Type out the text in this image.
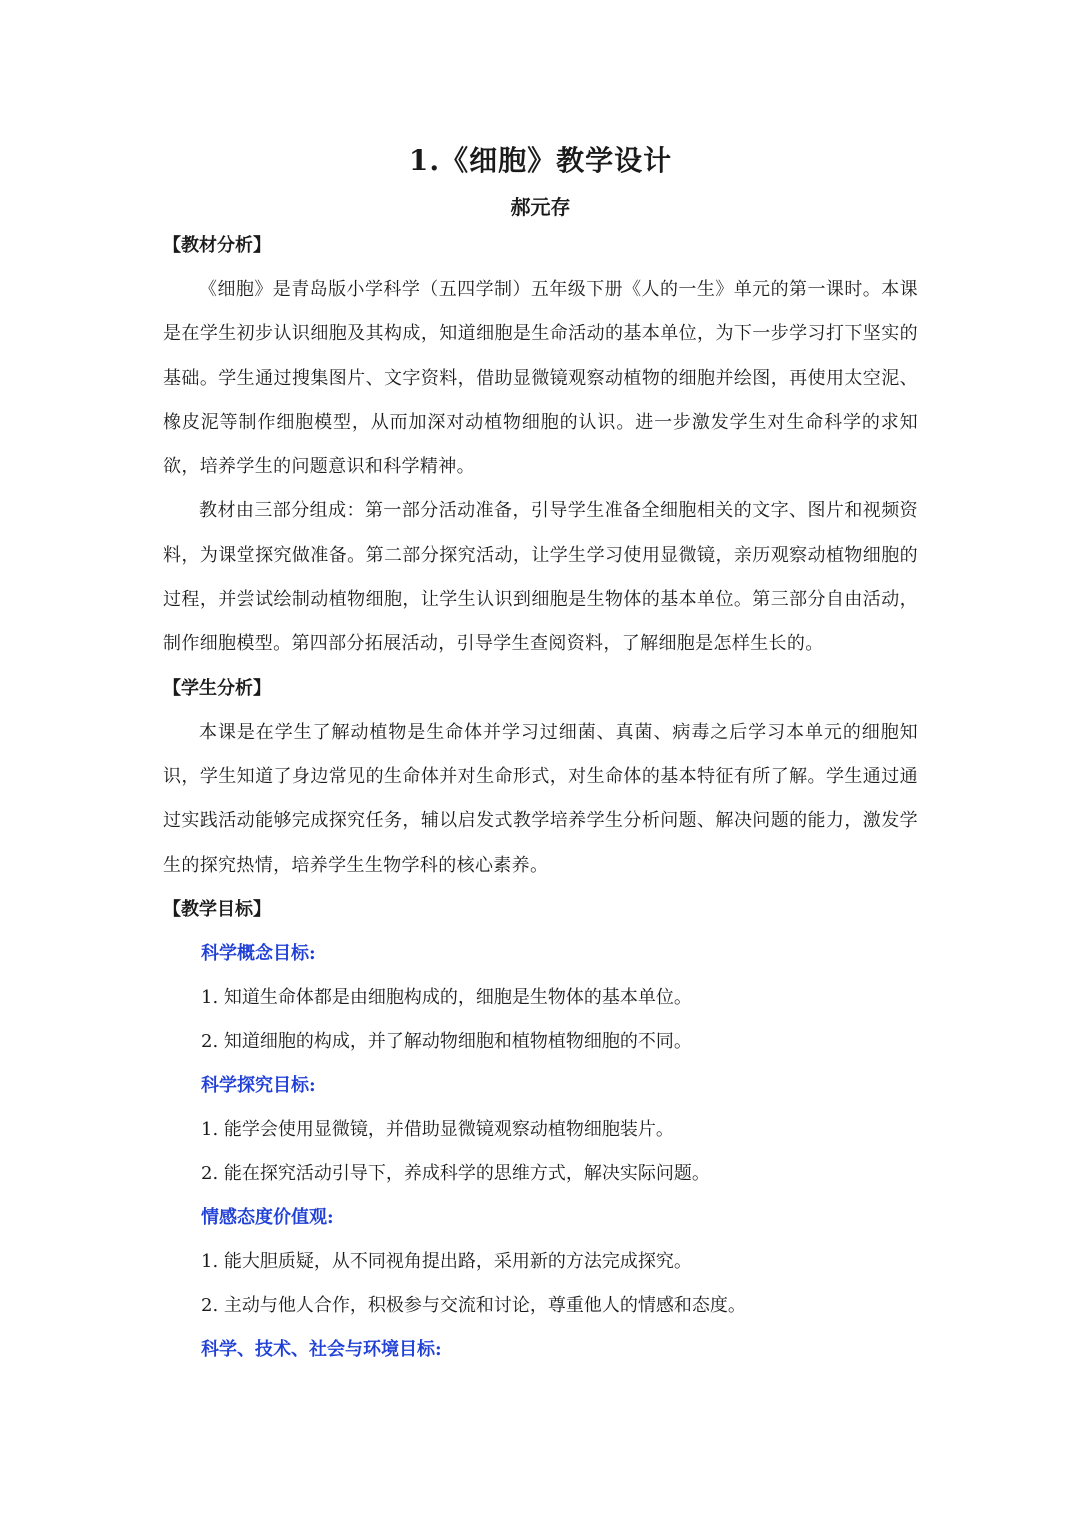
1.《细胞》教学设计
郝元存
【教材分析】

《细胞》是青岛版小学科学（五四学制）五年级下册《人的一生》单元的第一课时。本课是在学生初步认识细胞及其构成，知道细胞是生命活动的基本单位，为下一步学习打下坚实的基础。学生通过搜集图片、文字资料，借助显微镜观察动植物的细胞并绘图，再使用太空泥、橡皮泥等制作细胞模型，从而加深对动植物细胞的认识。进一步激发学生对生命科学的求知欲，培养学生的问题意识和科学精神。

教材由三部分组成：第一部分活动准备，引导学生准备全细胞相关的文字、图片和视频资料，为课堂探究做准备。第二部分探究活动，让学生学习使用显微镜，亲历观察动植物细胞的过程，并尝试绘制动植物细胞，让学生认识到细胞是生物体的基本单位。第三部分自由活动，制作细胞模型。第四部分拓展活动，引导学生查阅资料，了解细胞是怎样生长的。

【学生分析】

本课是在学生了解动植物是生命体并学习过细菌、真菌、病毒之后学习本单元的细胞知识，学生知道了身边常见的生命体并对生命形式，对生命体的基本特征有所了解。学生通过通过实践活动能够完成探究任务，辅以启发式教学培养学生分析问题、解决问题的能力，激发学生的探究热情，培养学生生物学科的核心素养。

【教学目标】
科学概念目标:
1. 知道生命体都是由细胞构成的，细胞是生物体的基本单位。
2. 知道细胞的构成，并了解动物细胞和植物植物细胞的不同。
科学探究目标:
1. 能学会使用显微镜，并借助显微镜观察动植物细胞装片。
2. 能在探究活动引导下，养成科学的思维方式，解决实际问题。
情感态度价值观:
1. 能大胆质疑，从不同视角提出路，采用新的方法完成探究。
2. 主动与他人合作，积极参与交流和讨论，尊重他人的情感和态度。
科学、技术、社会与环境目标:
